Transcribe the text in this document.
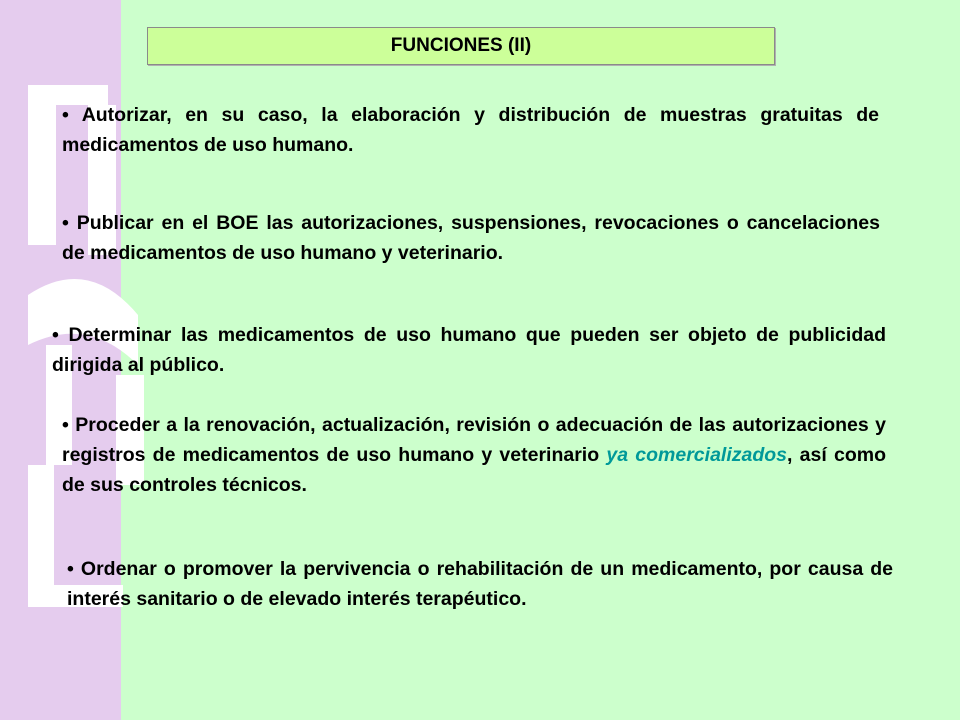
FUNCIONES (II)

• Autorizar, en su caso, la elaboración y distribución de muestras gratuitas de medicamentos de uso humano.

• Publicar en el BOE las autorizaciones, suspensiones, revocaciones o cancelaciones de medicamentos de uso humano y veterinario.

• Determinar las medicamentos de uso humano que pueden ser objeto de publicidad dirigida al público.

• Proceder a la renovación, actualización, revisión o adecuación de las autorizaciones y registros de medicamentos de uso humano y veterinario ya comercializados, así como de sus controles técnicos.

• Ordenar o promover la pervivencia o rehabilitación de un medicamento, por causa de interés sanitario o de elevado interés terapéutico.
